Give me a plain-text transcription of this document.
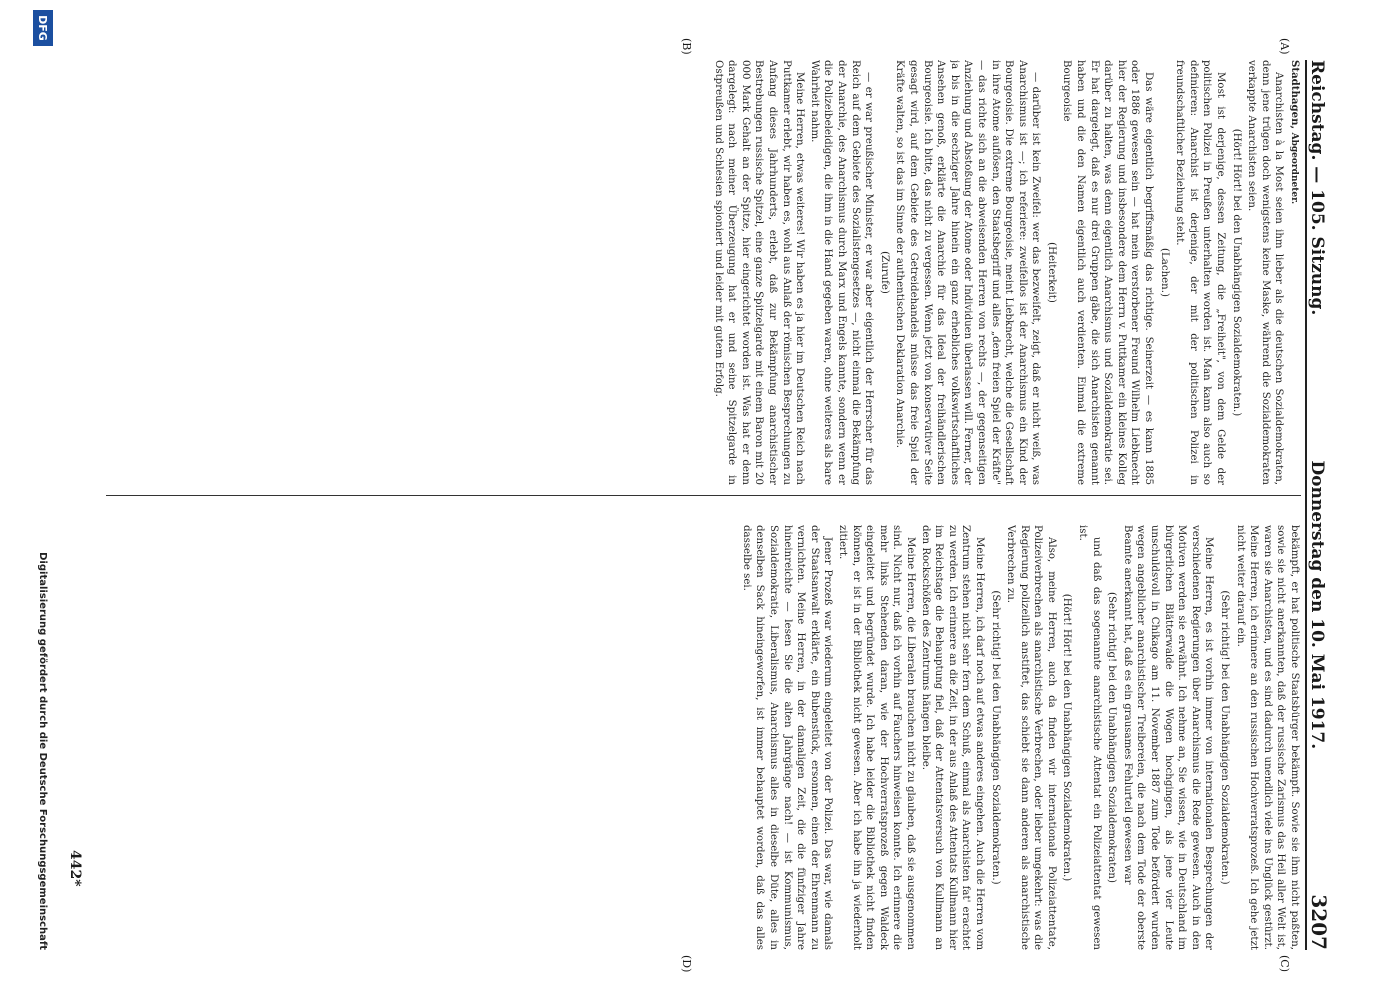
Reichstag. — 105. Sitzung.
Donnerstag den 10. Mai 1917.
3207
(A)
(B)
(C)
(D)

Stadthagen, Abgeordneter.

Anarchisten à la Most seien ihm lieber als die deutschen Sozialdemokraten, denn jene trügen doch wenigstens keine Maske, während die Sozialdemokraten verkappte Anarchisten seien.

(Hört! Hört! bei den Unabhängigen Sozialdemokraten.)

Most ist derjenige, dessen Zeitung, die „Freiheit", von dem Gelde der politischen Polizei in Preußen unterhalten worden ist. Man kann also auch so definieren: Anarchist ist derjenige, der mit der politischen Polizei in freundschaftlicher Beziehung steht.

(Lachen.)

Das wäre eigentlich begriffsmäßig das richtige. Seinerzeit — es kann 1885 oder 1886 gewesen sein — hat mein verstorbener Freund Wilhelm Liebknecht hier der Regierung und insbesondere dem Herrn v. Puttkamer ein kleines Kolleg darüber zu halten, was denn eigentlich Anarchismus und Sozialdemokratie sei. Er hat dargelegt, daß es nur drei Gruppen gäbe, die sich Anarchisten genannt haben und die den Namen eigentlich auch verdienten. Einmal die extreme Bourgeoisie

(Heiterkeit)

— darüber ist kein Zweifel: wer das bezweifelt, zeigt, daß er nicht weiß, was Anarchismus ist —; ich referiere: zweifellos ist der Anarchismus ein Kind der Bourgeoisie. Die extreme Bourgeoisie, meint Liebknecht, welche die Gesellschaft in ihre Atome auflösen, den Staatsbegriff und alles „dem freien Spiel der Kräfte" — das richte sich an die abweisenden Herren von rechts —, der gegenseitigen Anziehung und Abstoßung der Atome oder Individuen überlassen will. Ferner, der ja bis in die sechziger Jahre hinein ein ganz erhebliches volkswirtschaftliches Ansehen genoß, erklärte die Anarchie für das Ideal der freihändlerischen Bourgeoisie. Ich bitte, das nicht zu vergessen. Wenn jetzt von konservativer Seite gesagt wird, auf dem Gebiete des Getreidehandels müsse das freie Spiel der Kräfte walten, so ist das im Sinne der authentischen Deklaration Anarchie.

(Zurufe)

— er war preußischer Minister, er war aber eigentlich der Herrscher für das Reich auf dem Gebiete des Sozialistengesetzes —, nicht einmal die Bekämpfung der Anarchie, des Anarchismus durch Marx und Engels kannte, sondern wenn er die Polizeibeleidigen, die ihm in die Hand gegeben waren, ohne weiteres als bare Wahrheit nahm.

Meine Herren, etwas weiteres! Wir haben es ja hier im Deutschen Reich nach Puttkamer erlebt, wir haben es, wohl aus Anlaß der römischen Besprechungen zu Anfang dieses Jahrhunderts, erlebt, daß zur Bekämpfung anarchistischer Bestrebungen russische Spitzel, eine ganze Spitzelgarde mit einem Baron mit 20 000 Mark Gehalt an der Spitze, hier eingerichtet worden ist. Was hat er denn dargelegt: nach meiner Überzeugung hat er und seine Spitzelgarde in Ostpreußen und Schlesien spioniert und leider mit gutem Erfolg.

bekämpft, er hat politische Staatsbürger bekämpft. Sowie sie ihm nicht paßten, sowie sie nicht anerkannten, daß der russische Zarismus das Heil aller Welt ist, waren sie Anarchisten, und es sind dadurch unendlich viele ins Unglück gestürzt. Meine Herren, ich erinnere an den russischen Hochverratsprozeß. Ich gehe jetzt nicht weiter darauf ein.

(Sehr richtig! bei den Unabhängigen Sozialdemokraten.)

Meine Herren, es ist vorhin immer von internationalen Besprechungen der verschiedenen Regierungen über Anarchismus die Rede gewesen. Auch in den Motiven werden sie erwähnt. Ich nehme an, Sie wissen, wie in Deutschland im bürgerlichen Blätterwalde die Wogen hochgingen, als jene vier Leute unschuldsvoll in Chikago am 11. November 1887 zum Tode befördert wurden wegen angeblicher anarchistischer Treibereien, die nach dem Tode der oberste Beamte anerkannt hat, daß es ein grausames Fehlurteil gewesen war

(Sehr richtig! bei den Unabhängigen Sozialdemokraten)

und daß das sogenannte anarchistische Attentat ein Polizeiattentat gewesen ist.

(Hört! Hört! bei den Unabhängigen Sozialdemokraten.)

Also, meine Herren, auch da finden wir internationale Polizeiattentate, Polizeiverbrechen als anarchistische Verbrechen, oder lieber umgekehrt: was die Regierung polizeilich anstiftet, das schiebt sie dann anderen als anarchistische Verbrechen zu.

(Sehr richtig! bei den Unabhängigen Sozialdemokraten.)

Meine Herren, ich darf noch auf etwas anderes eingehen. Auch die Herren vom Zentrum stehen nicht sehr fern dem Schuß, einmal als Anarchisten fat' erachtet zu werden. Ich erinnere an die Zeit, in der aus Anlaß des Attentats Kullmann hier im Reichstage die Behauptung fiel, daß der Attentatsversuch von Kullmann an den Rockschößen des Zentrums hängen bleibe.

Meine Herren, die Liberalen brauchen nicht zu glauben, daß sie ausgenommen sind. Nicht nur, daß ich vorhin auf Fauchers hinweisen konnte. Ich erinnere die mehr links Stehenden daran, wie der Hochverratsprozeß gegen Waldeck eingeleitet und begründet wurde. Ich habe leider die Bibliothek nicht finden können, er ist in der Bibliothek nicht gewesen. Aber ich habe ihn ja wiederholt zitiert.

Jener Prozeß war wiederum eingeleitet von der Polizei. Das war, wie damals der Staatsanwalt erklärte, ein Bubenstück, ersonnen, einen der Ehrenmann zu vernichten. Meine Herren, in der damaligen Zeit, die die fünfziger Jahre hineinreichte — lesen Sie die alten Jahrgänge nach! — ist Kommunismus, Sozialdemokratie, Liberalismus, Anarchismus alles in dieselbe Düte, alles in denselben Sack hineingeworfen, ist immer behauptet worden, daß das alles dasselbe sei.

442*
Digitalisierung gefördert durch die Deutsche Forschungsgemeinschaft
DFG
